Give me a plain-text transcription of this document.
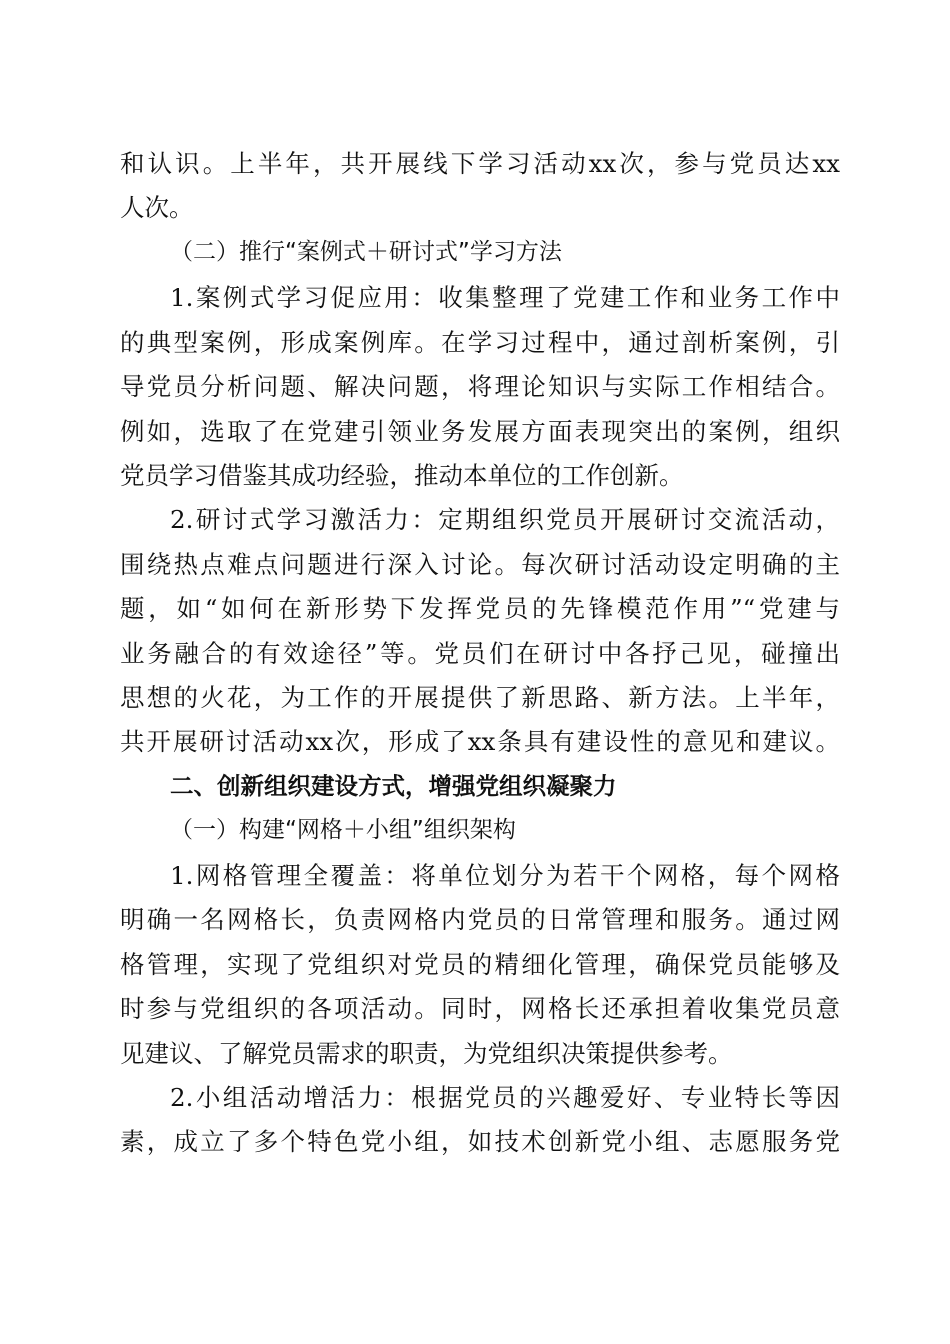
和认识。上半年，共开展线下学习活动xx次，参与党员达xx
人次。
（二）推行“案例式＋研讨式”学习方法
1.案例式学习促应用：收集整理了党建工作和业务工作中
的典型案例，形成案例库。在学习过程中，通过剖析案例，引
导党员分析问题、解决问题，将理论知识与实际工作相结合。
例如，选取了在党建引领业务发展方面表现突出的案例，组织
党员学习借鉴其成功经验，推动本单位的工作创新。
2.研讨式学习激活力：定期组织党员开展研讨交流活动，
围绕热点难点问题进行深入讨论。每次研讨活动设定明确的主
题，如“如何在新形势下发挥党员的先锋模范作用”“党建与
业务融合的有效途径”等。党员们在研讨中各抒己见，碰撞出
思想的火花，为工作的开展提供了新思路、新方法。上半年，
共开展研讨活动xx次，形成了xx条具有建设性的意见和建议。
二、创新组织建设方式，增强党组织凝聚力
（一）构建“网格＋小组”组织架构
1.网格管理全覆盖：将单位划分为若干个网格，每个网格
明确一名网格长，负责网格内党员的日常管理和服务。通过网
格管理，实现了党组织对党员的精细化管理，确保党员能够及
时参与党组织的各项活动。同时，网格长还承担着收集党员意
见建议、了解党员需求的职责，为党组织决策提供参考。
2.小组活动增活力：根据党员的兴趣爱好、专业特长等因
素，成立了多个特色党小组，如技术创新党小组、志愿服务党
